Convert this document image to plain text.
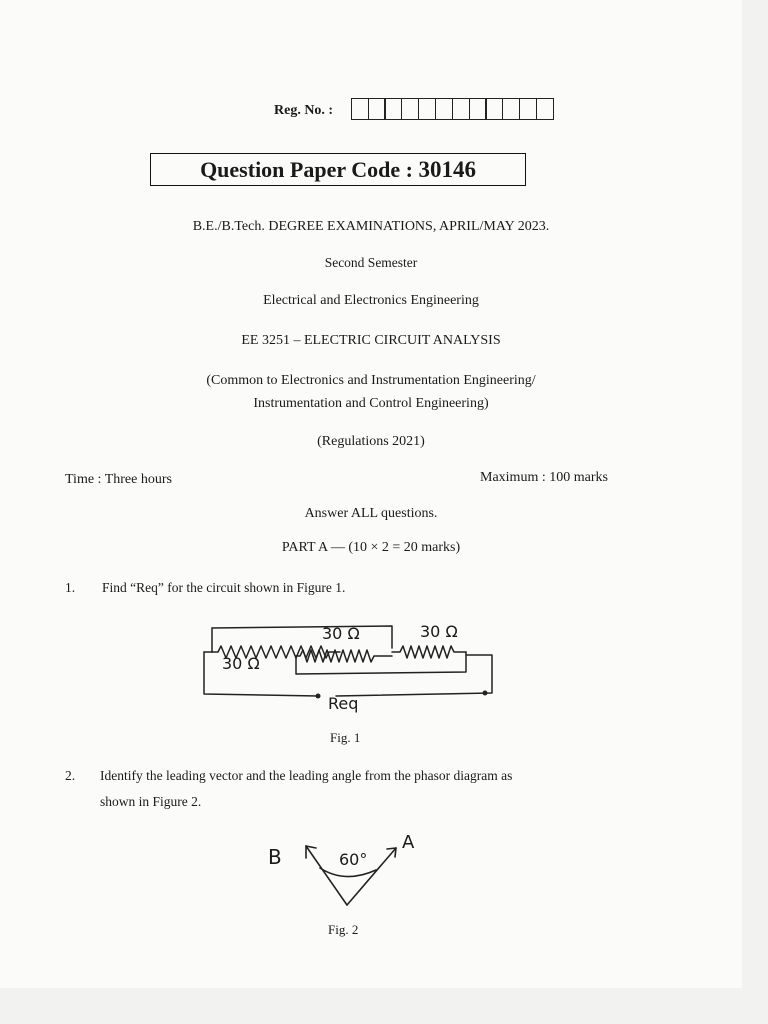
Reg. No. :
Question Paper Code : 30146
B.E./B.Tech. DEGREE EXAMINATIONS, APRIL/MAY 2023.
Second Semester
Electrical and Electronics Engineering
EE 3251 – ELECTRIC CIRCUIT ANALYSIS
(Common to Electronics and Instrumentation Engineering/
Instrumentation and Control Engineering)
(Regulations 2021)
Time : Three hours	Maximum : 100 marks
Answer ALL questions.
PART A — (10 × 2 = 20 marks)
1. Find “Req” for the circuit shown in Figure 1.
30 Ω	30 Ω
30 Ω
Req
Fig. 1
2. Identify the leading vector and the leading angle from the phasor diagram as
shown in Figure 2.
B
A
60°
Fig. 2
